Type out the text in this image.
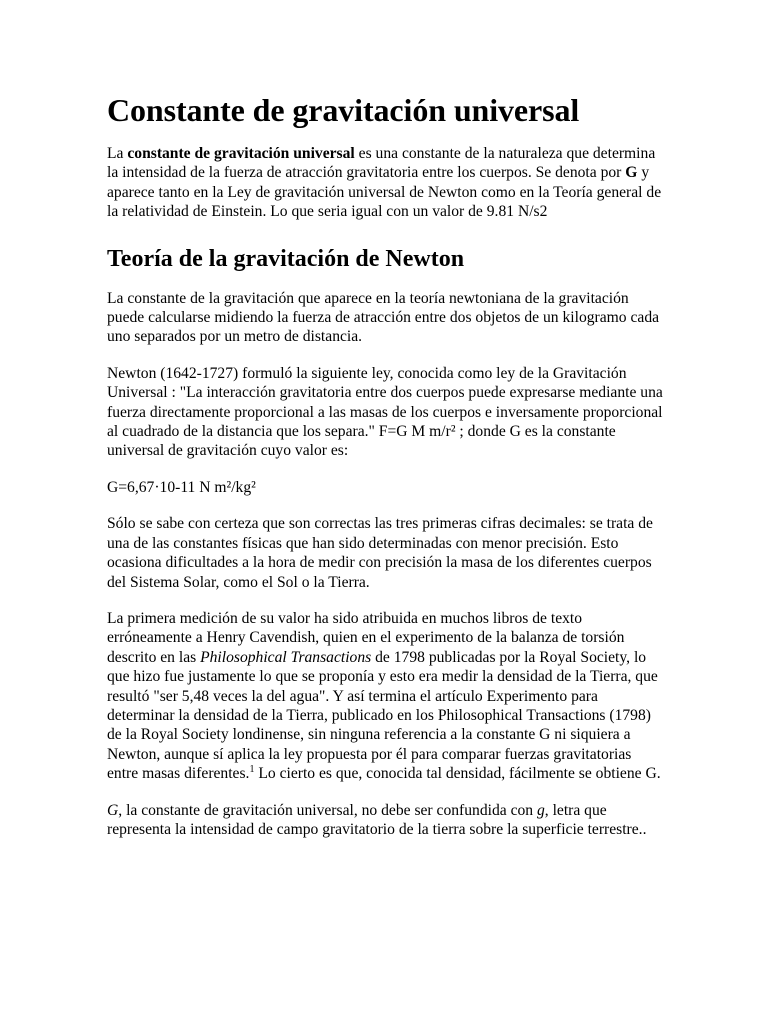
Constante de gravitación universal

La constante de gravitación universal es una constante de la naturaleza que determina la intensidad de la fuerza de atracción gravitatoria entre los cuerpos. Se denota por G y aparece tanto en la Ley de gravitación universal de Newton como en la Teoría general de la relatividad de Einstein. Lo que seria igual con un valor de 9.81 N/s2

Teoría de la gravitación de Newton

La constante de la gravitación que aparece en la teoría newtoniana de la gravitación puede calcularse midiendo la fuerza de atracción entre dos objetos de un kilogramo cada uno separados por un metro de distancia.

Newton (1642-1727) formuló la siguiente ley, conocida como ley de la Gravitación Universal : "La interacción gravitatoria entre dos cuerpos puede expresarse mediante una fuerza directamente proporcional a las masas de los cuerpos e inversamente proporcional al cuadrado de la distancia que los separa." F=G M m/r² ; donde G es la constante universal de gravitación cuyo valor es:

G=6,67·10-11 N m²/kg²

Sólo se sabe con certeza que son correctas las tres primeras cifras decimales: se trata de una de las constantes físicas que han sido determinadas con menor precisión. Esto ocasiona dificultades a la hora de medir con precisión la masa de los diferentes cuerpos del Sistema Solar, como el Sol o la Tierra.

La primera medición de su valor ha sido atribuida en muchos libros de texto erróneamente a Henry Cavendish, quien en el experimento de la balanza de torsión descrito en las Philosophical Transactions de 1798 publicadas por la Royal Society, lo que hizo fue justamente lo que se proponía y esto era medir la densidad de la Tierra, que resultó "ser 5,48 veces la del agua". Y así termina el artículo Experimento para determinar la densidad de la Tierra, publicado en los Philosophical Transactions (1798) de la Royal Society londinense, sin ninguna referencia a la constante G ni siquiera a Newton, aunque sí aplica la ley propuesta por él para comparar fuerzas gravitatorias entre masas diferentes.$^1$ Lo cierto es que, conocida tal densidad, fácilmente se obtiene G.

G, la constante de gravitación universal, no debe ser confundida con g, letra que representa la intensidad de campo gravitatorio de la tierra sobre la superficie terrestre..
